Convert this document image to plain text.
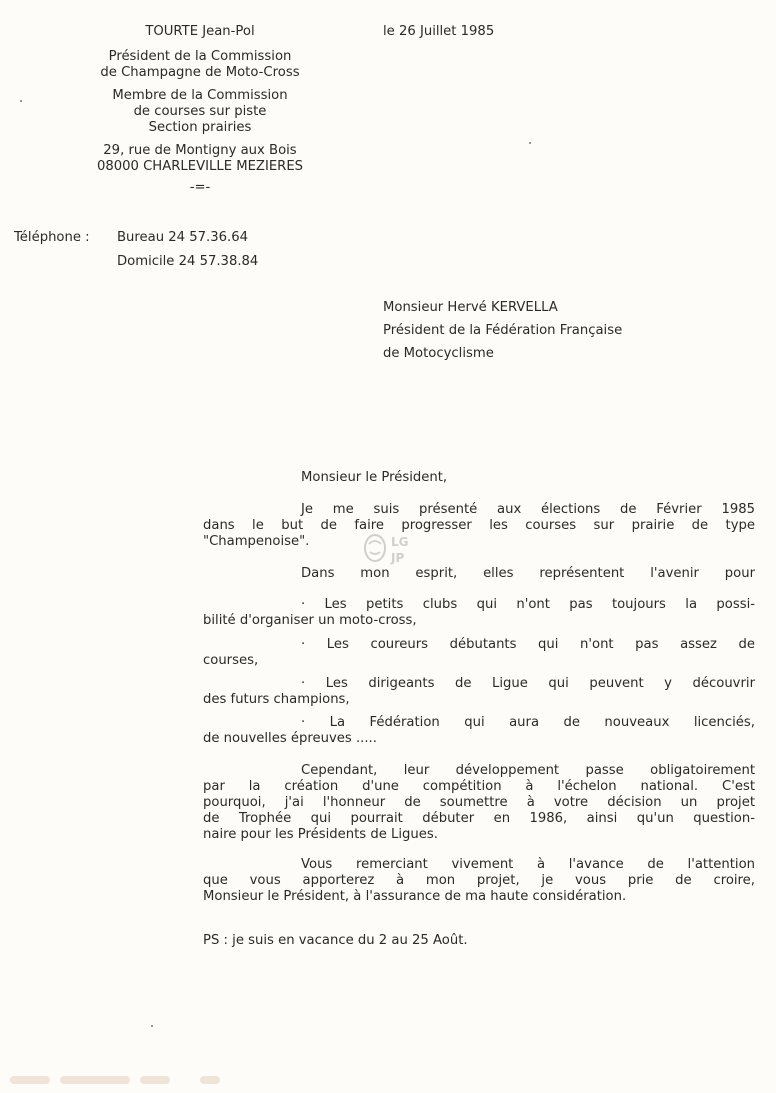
TOURTE Jean-Pol
Président de la Commission
de Champagne de Moto-Cross
Membre de la Commission
de courses sur piste
Section prairies
29, rue de Montigny aux Bois
08000 CHARLEVILLE MEZIERES
-=-
le 26 Juillet 1985
Téléphone : Bureau 24 57.36.64
Domicile 24 57.38.84
Monsieur Hervé KERVELLA
Président de la Fédération Française
de Motocyclisme
Monsieur le Président,
Je me suis présenté aux élections de Février 1985
dans le but de faire progresser les courses sur prairie de type
"Champenoise".	LG
JP
Dans mon esprit, elles représentent l'avenir pour
· Les petits clubs qui n'ont pas toujours la possi-
bilité d'organiser un moto-cross,
· Les coureurs débutants qui n'ont pas assez de
courses,
· Les dirigeants de Ligue qui peuvent y découvrir
des futurs champions,
· La Fédération qui aura de nouveaux licenciés,
de nouvelles épreuves .....
Cependant, leur développement passe obligatoirement
par la création d'une compétition à l'échelon national. C'est
pourquoi, j'ai l'honneur de soumettre à votre décision un projet
de Trophée qui pourrait débuter en 1986, ainsi qu'un question-
naire pour les Présidents de Ligues.
Vous remerciant vivement à l'avance de l'attention
que vous apporterez à mon projet, je vous prie de croire,
Monsieur le Président, à l'assurance de ma haute considération.
PS : je suis en vacance du 2 au 25 Août.
